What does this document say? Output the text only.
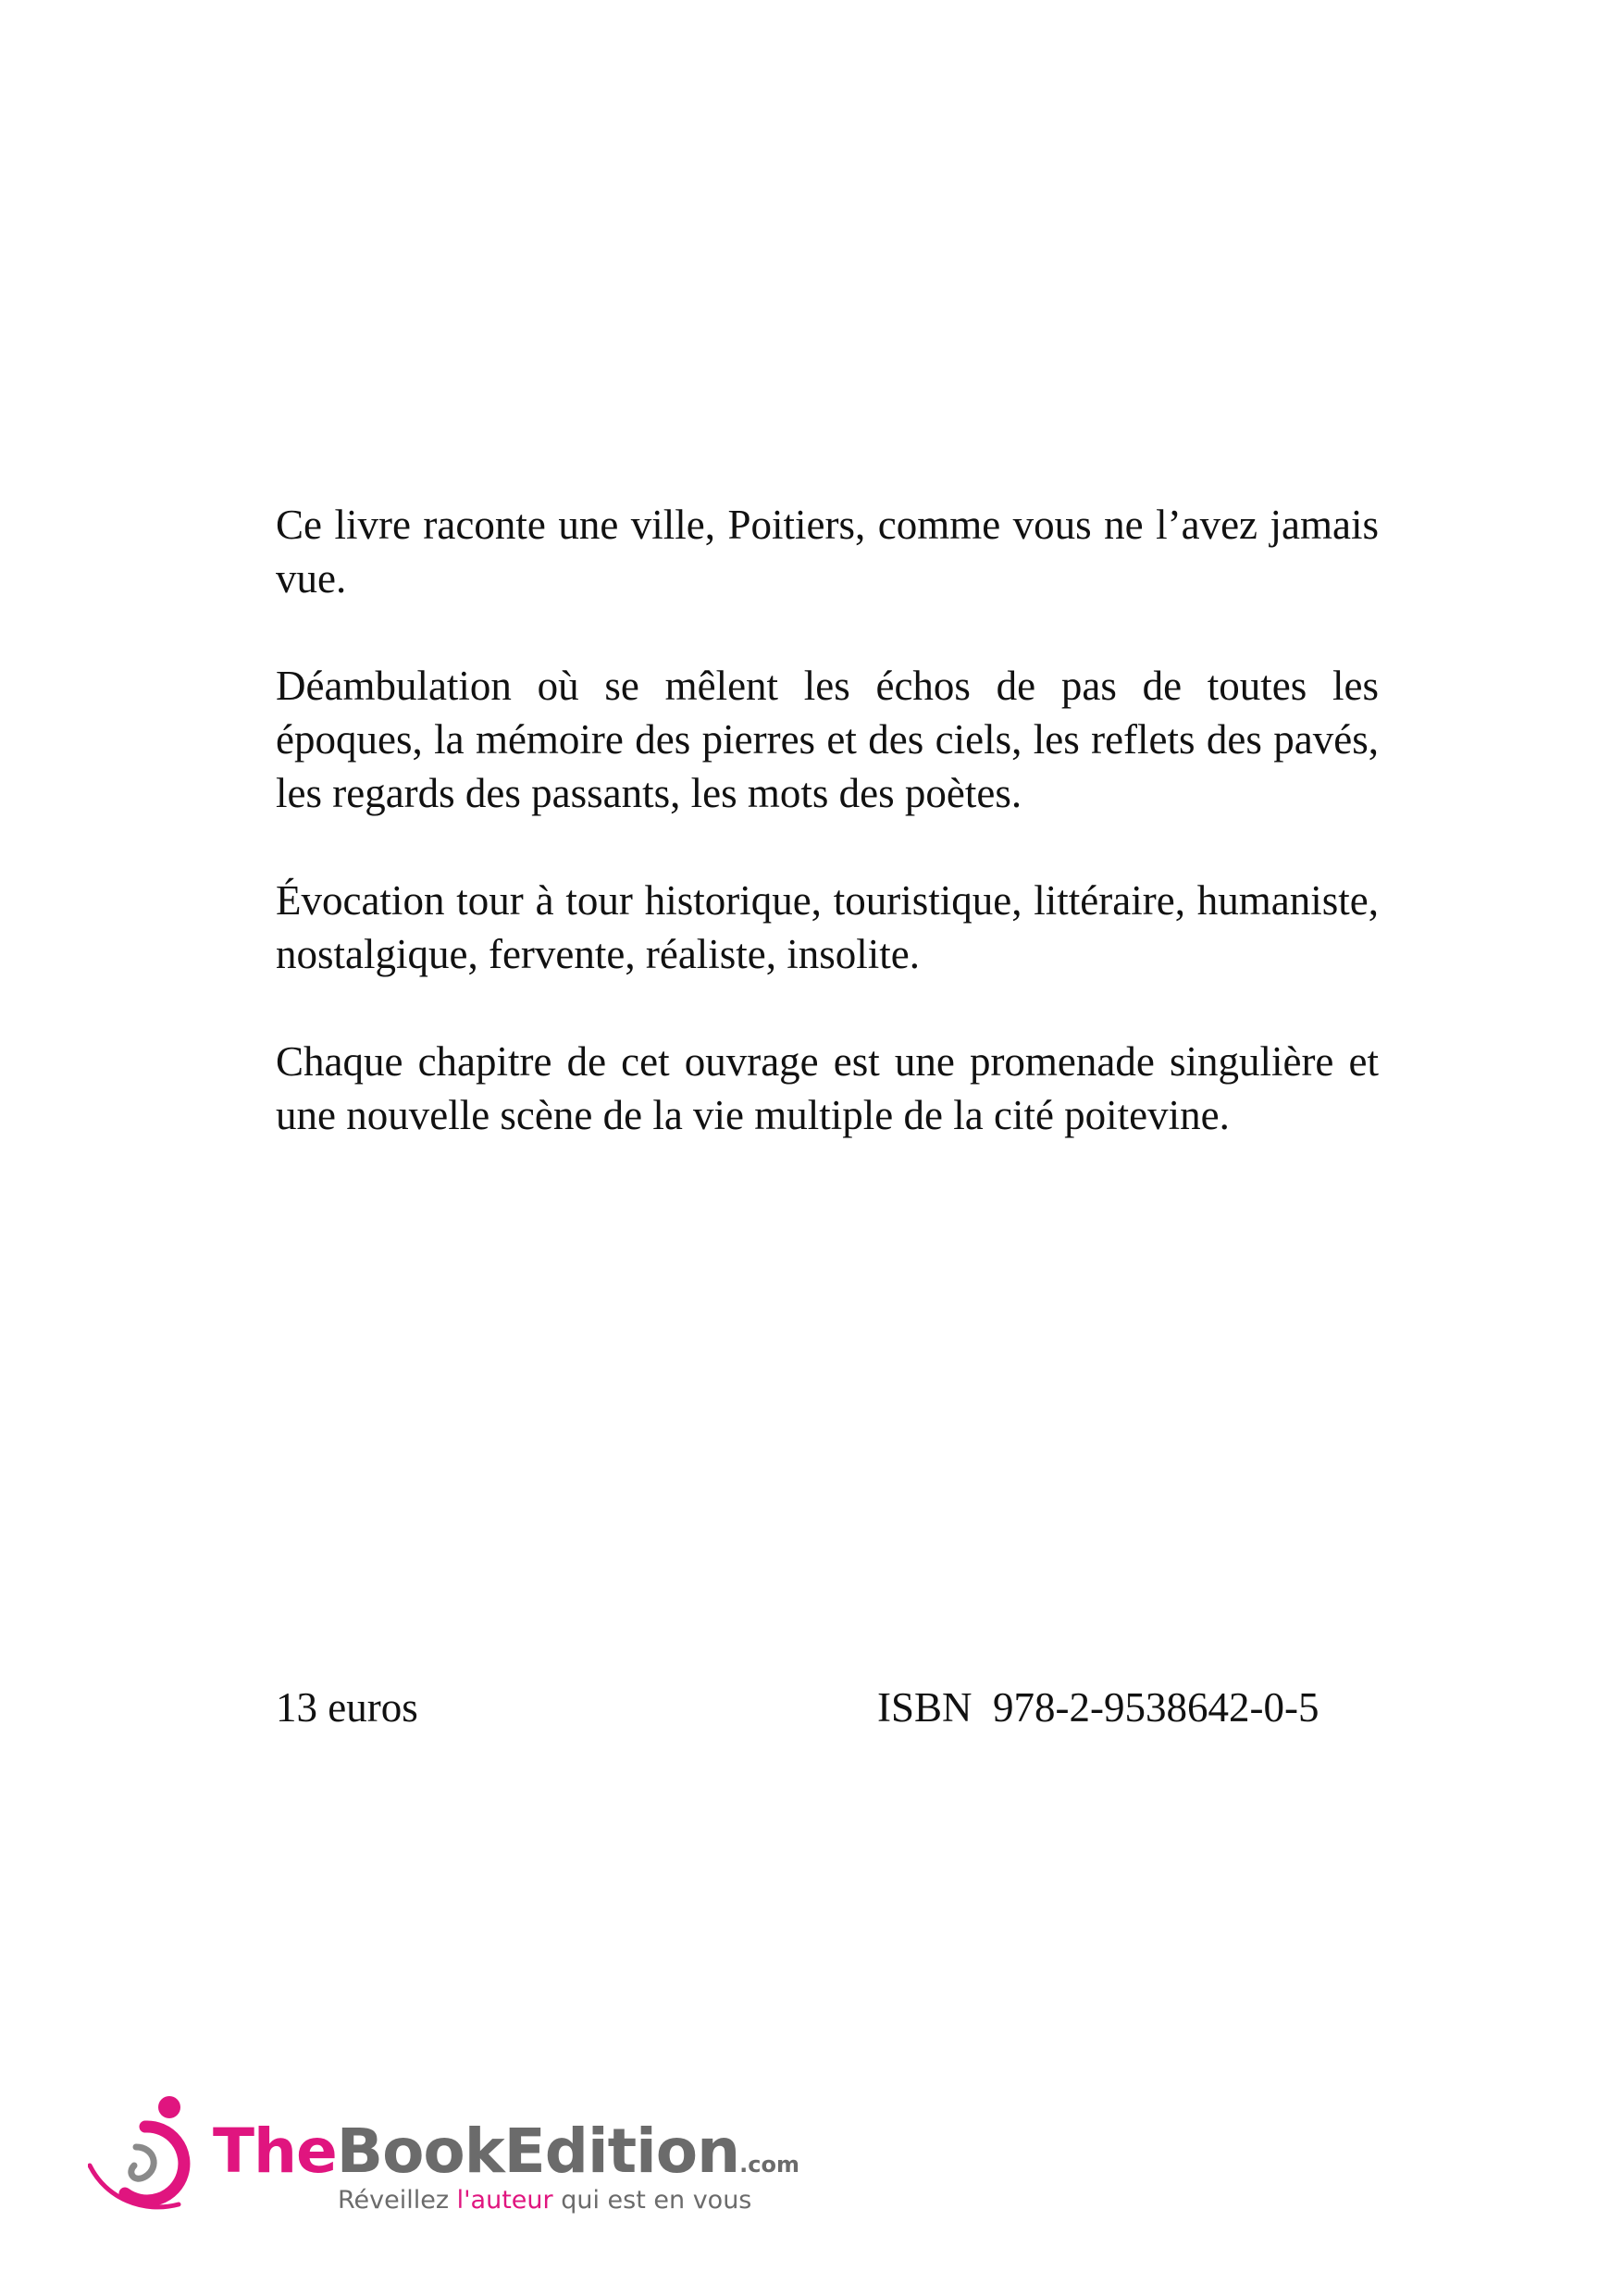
Ce livre raconte une ville, Poitiers, comme vous ne l’avez jamais vue.

Déambulation où se mêlent les échos de pas de toutes les époques, la mémoire des pierres et des ciels, les reflets des pavés, les regards des passants, les mots des poètes.

Évocation tour à tour historique, touristique, littéraire, humaniste, nostalgique, fervente, réaliste, insolite.

Chaque chapitre de cet ouvrage est une promenade singulière et une nouvelle scène de la vie multiple de la cité poitevine.

13 euros	ISBN  978-2-9538642-0-5
TheBookEdition.com
Réveillez l'auteur qui est en vous
